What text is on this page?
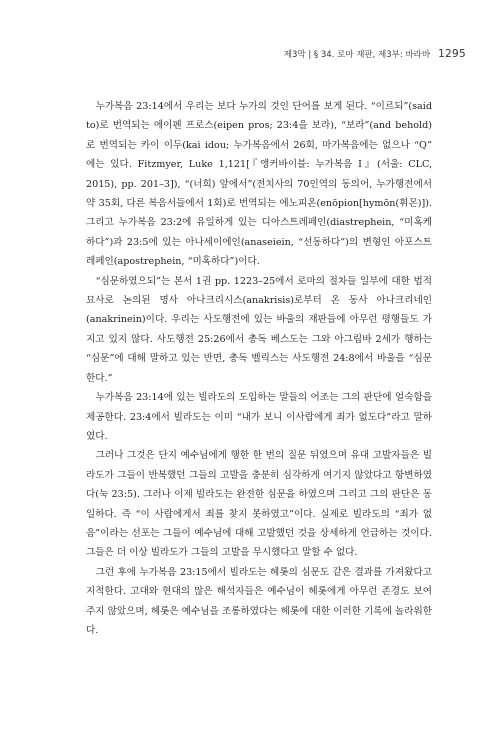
제3막 | § 34. 로마 재판, 제3부: 바라바 1295

누가복음 23:14에서 우리는 보다 누가의 것인 단어를 보게 된다. “이르되”(said to)로 번역되는 에이펜 프로스(eipen pros; 23:4을 보라), “보라”(and behold)로 번역되는 카이 이두(kai idou; 누가복음에서 26회, 마가복음에는 없으나 “Q” 에는 있다. Fitzmyer, Luke 1,121[『앵커바이블: 누가복음 I』(서울: CLC, 2015), pp. 201–3]), “(너희) 앞에서”(전치사의 70인역의 동의어, 누가행전에서 약 35회, 다른 복음서들에서 1회)로 번역되는 에노피온(enōpion[hymōn(휘몬)]). 그리고 누가복음 23:2에 유일하게 있는 디아스트레페인(diastrephein, “미혹케 하다”)과 23:5에 있는 아나세이에인(anaseiein, “선동하다”)의 변형인 아포스트레페인(apostrephein, “미혹하다”)이다.

“심문하였으되”는 본서 1권 pp. 1223–25에서 로마의 절차들 일부에 대한 법적 묘사로 논의된 명사 아나크리시스(anakrisis)로부터 온 동사 아나크리네인(anakrinein)이다. 우리는 사도행전에 있는 바울의 재판들에 아무런 평행들도 가지고 있지 않다. 사도행전 25:26에서 총독 베스도는 그와 아그립바 2세가 행하는 “심문”에 대해 말하고 있는 반면, 총독 벨릭스는 사도행전 24:8에서 바울을 “심문한다.”

누가복음 23:14에 있는 빌라도의 도입하는 말들의 어조는 그의 판단에 얼숙함을 제공한다. 23:4에서 빌라도는 이미 “내가 보니 이사람에게 죄가 없도다”라고 말하였다.

그러나 그것은 단지 예수님에게 행한 한 번의 질문 뒤였으며 유대 고발자들은 빌라도가 그들이 반복했던 그들의 고발을 충분히 심각하게 여기지 않았다고 항변하였다(눅 23:5). 그러나 이제 빌라도는 완전한 심문을 하였으며 그리고 그의 판단은 동일하다. 즉 “이 사람에게서 죄를 찾지 못하였고”이다. 실제로 빌라도의 “죄가 없음”이라는 선포는 그들이 예수님에 대해 고발했던 것을 상세하게 언급하는 것이다. 그들은 더 이상 빌라도가 그들의 고발을 무시했다고 말할 수 없다.

그런 후에 누가복음 23:15에서 빌라도는 헤롯의 심문도 같은 결과를 가져왔다고 지적한다. 고대와 현대의 많은 해석자들은 예수님이 헤롯에게 아무런 존경도 보여 주지 않았으며, 헤롯은 예수님을 조롱하였다는 헤롯에 대한 이러한 기록에 놀라워한다.
